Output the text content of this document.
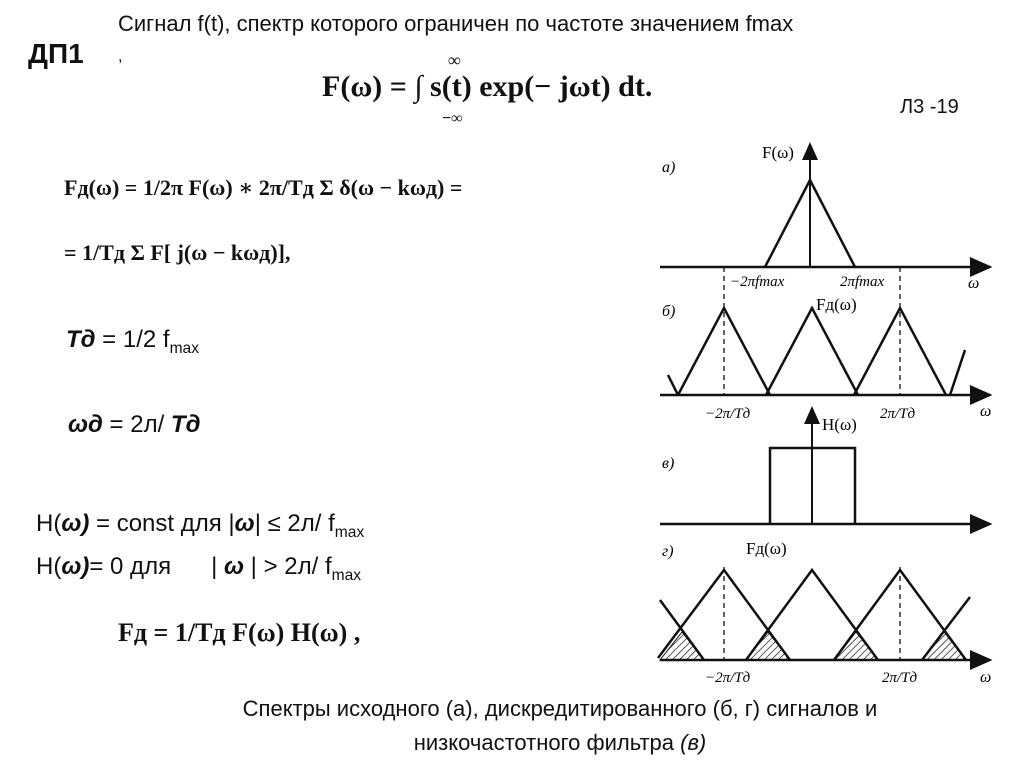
ДП1
Сигнал f(t), спектр которого ограничен по частоте значением fmax
,
Л3 -19
F(ω) = ∫ s(t) exp(− jωt) dt.
∞
−∞
Fд(ω) = 1/2π F(ω) ∗ 2π/Tд Σ δ(ω − kωд) =
= 1/Tд Σ F[ j(ω − kωд)],
Tд = 1/2 $f_{max}$
ωд = 2л/ Tд
H(ω) = const для |ω| ≤ 2л/ $f_{max}$
H(ω)= 0 для      | ω | > 2л/ $f_{max}$
Fд = 1/Tд F(ω) H(ω) ,
а)
F(ω)
−2πfmax	2πfmax	ω
б)	Fд(ω)
−2π/Tд	2π/Tд	ω
в)
H(ω)
г)	Fд(ω)
−2π/Tд	2π/Tд	ω
Спектры исходного (а), дискредитированного (б, г) сигналов и
низкочастотного фильтра (в)
